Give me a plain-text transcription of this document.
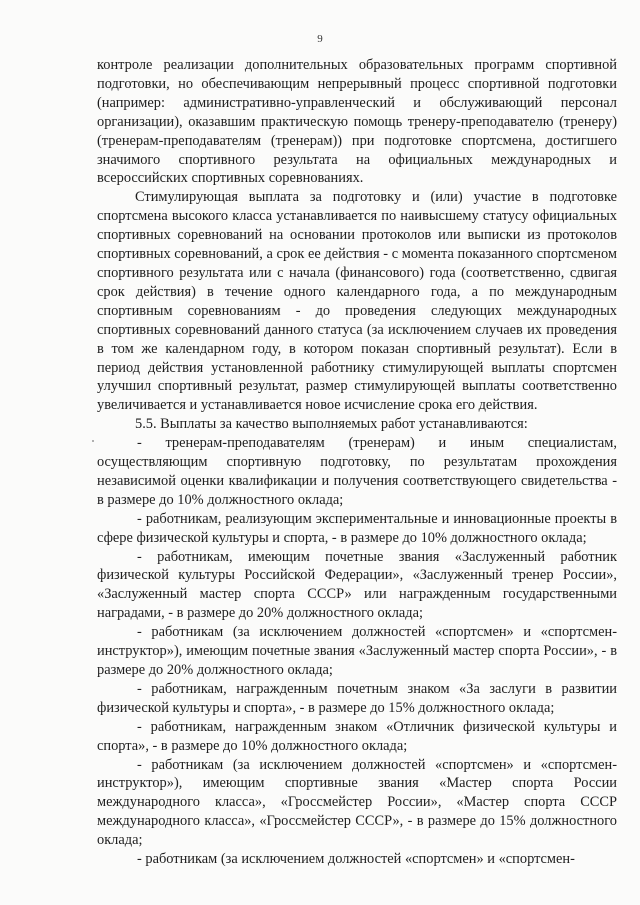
9

контроле реализации дополнительных образовательных программ спортивной подготовки, но обеспечивающим непрерывный процесс спортивной подготовки (например: административно-управленческий и обслуживающий персонал организации), оказавшим практическую помощь тренеру-преподавателю (тренеру) (тренерам-преподавателям (тренерам)) при подготовке спортсмена, достигшего значимого спортивного результата на официальных международных и всероссийских спортивных соревнованиях.

Стимулирующая выплата за подготовку и (или) участие в подготовке спортсмена высокого класса устанавливается по наивысшему статусу официальных спортивных соревнований на основании протоколов или выписки из протоколов спортивных соревнований, а срок ее действия - с момента показанного спортсменом спортивного результата или с начала (финансового) года (соответственно, сдвигая срок действия) в течение одного календарного года, а по международным спортивным соревнованиям - до проведения следующих международных спортивных соревнований данного статуса (за исключением случаев их проведения в том же календарном году, в котором показан спортивный результат). Если в период действия установленной работнику стимулирующей выплаты спортсмен улучшил спортивный результат, размер стимулирующей выплаты соответственно увеличивается и устанавливается новое исчисление срока его действия.

5.5. Выплаты за качество выполняемых работ устанавливаются:

- тренерам-преподавателям (тренерам) и иным специалистам, осуществляющим спортивную подготовку, по результатам прохождения независимой оценки квалификации и получения соответствующего свидетельства - в размере до 10% должностного оклада;

- работникам, реализующим экспериментальные и инновационные проекты в сфере физической культуры и спорта, - в размере до 10% должностного оклада;

- работникам, имеющим почетные звания «Заслуженный работник физической культуры Российской Федерации», «Заслуженный тренер России», «Заслуженный мастер спорта СССР» или награжденным государственными наградами, - в размере до 20% должностного оклада;

- работникам (за исключением должностей «спортсмен» и «спортсмен-инструктор»), имеющим почетные звания «Заслуженный мастер спорта России», - в размере до 20% должностного оклада;

- работникам, награжденным почетным знаком «За заслуги в развитии физической культуры и спорта», - в размере до 15% должностного оклада;

- работникам, награжденным знаком «Отличник физической культуры и спорта», - в размере до 10% должностного оклада;

- работникам (за исключением должностей «спортсмен» и «спортсмен-инструктор»), имеющим спортивные звания «Мастер спорта России международного класса», «Гроссмейстер России», «Мастер спорта СССР международного класса», «Гроссмейстер СССР», - в размере до 15% должностного оклада;

- работникам (за исключением должностей «спортсмен» и «спортсмен-
